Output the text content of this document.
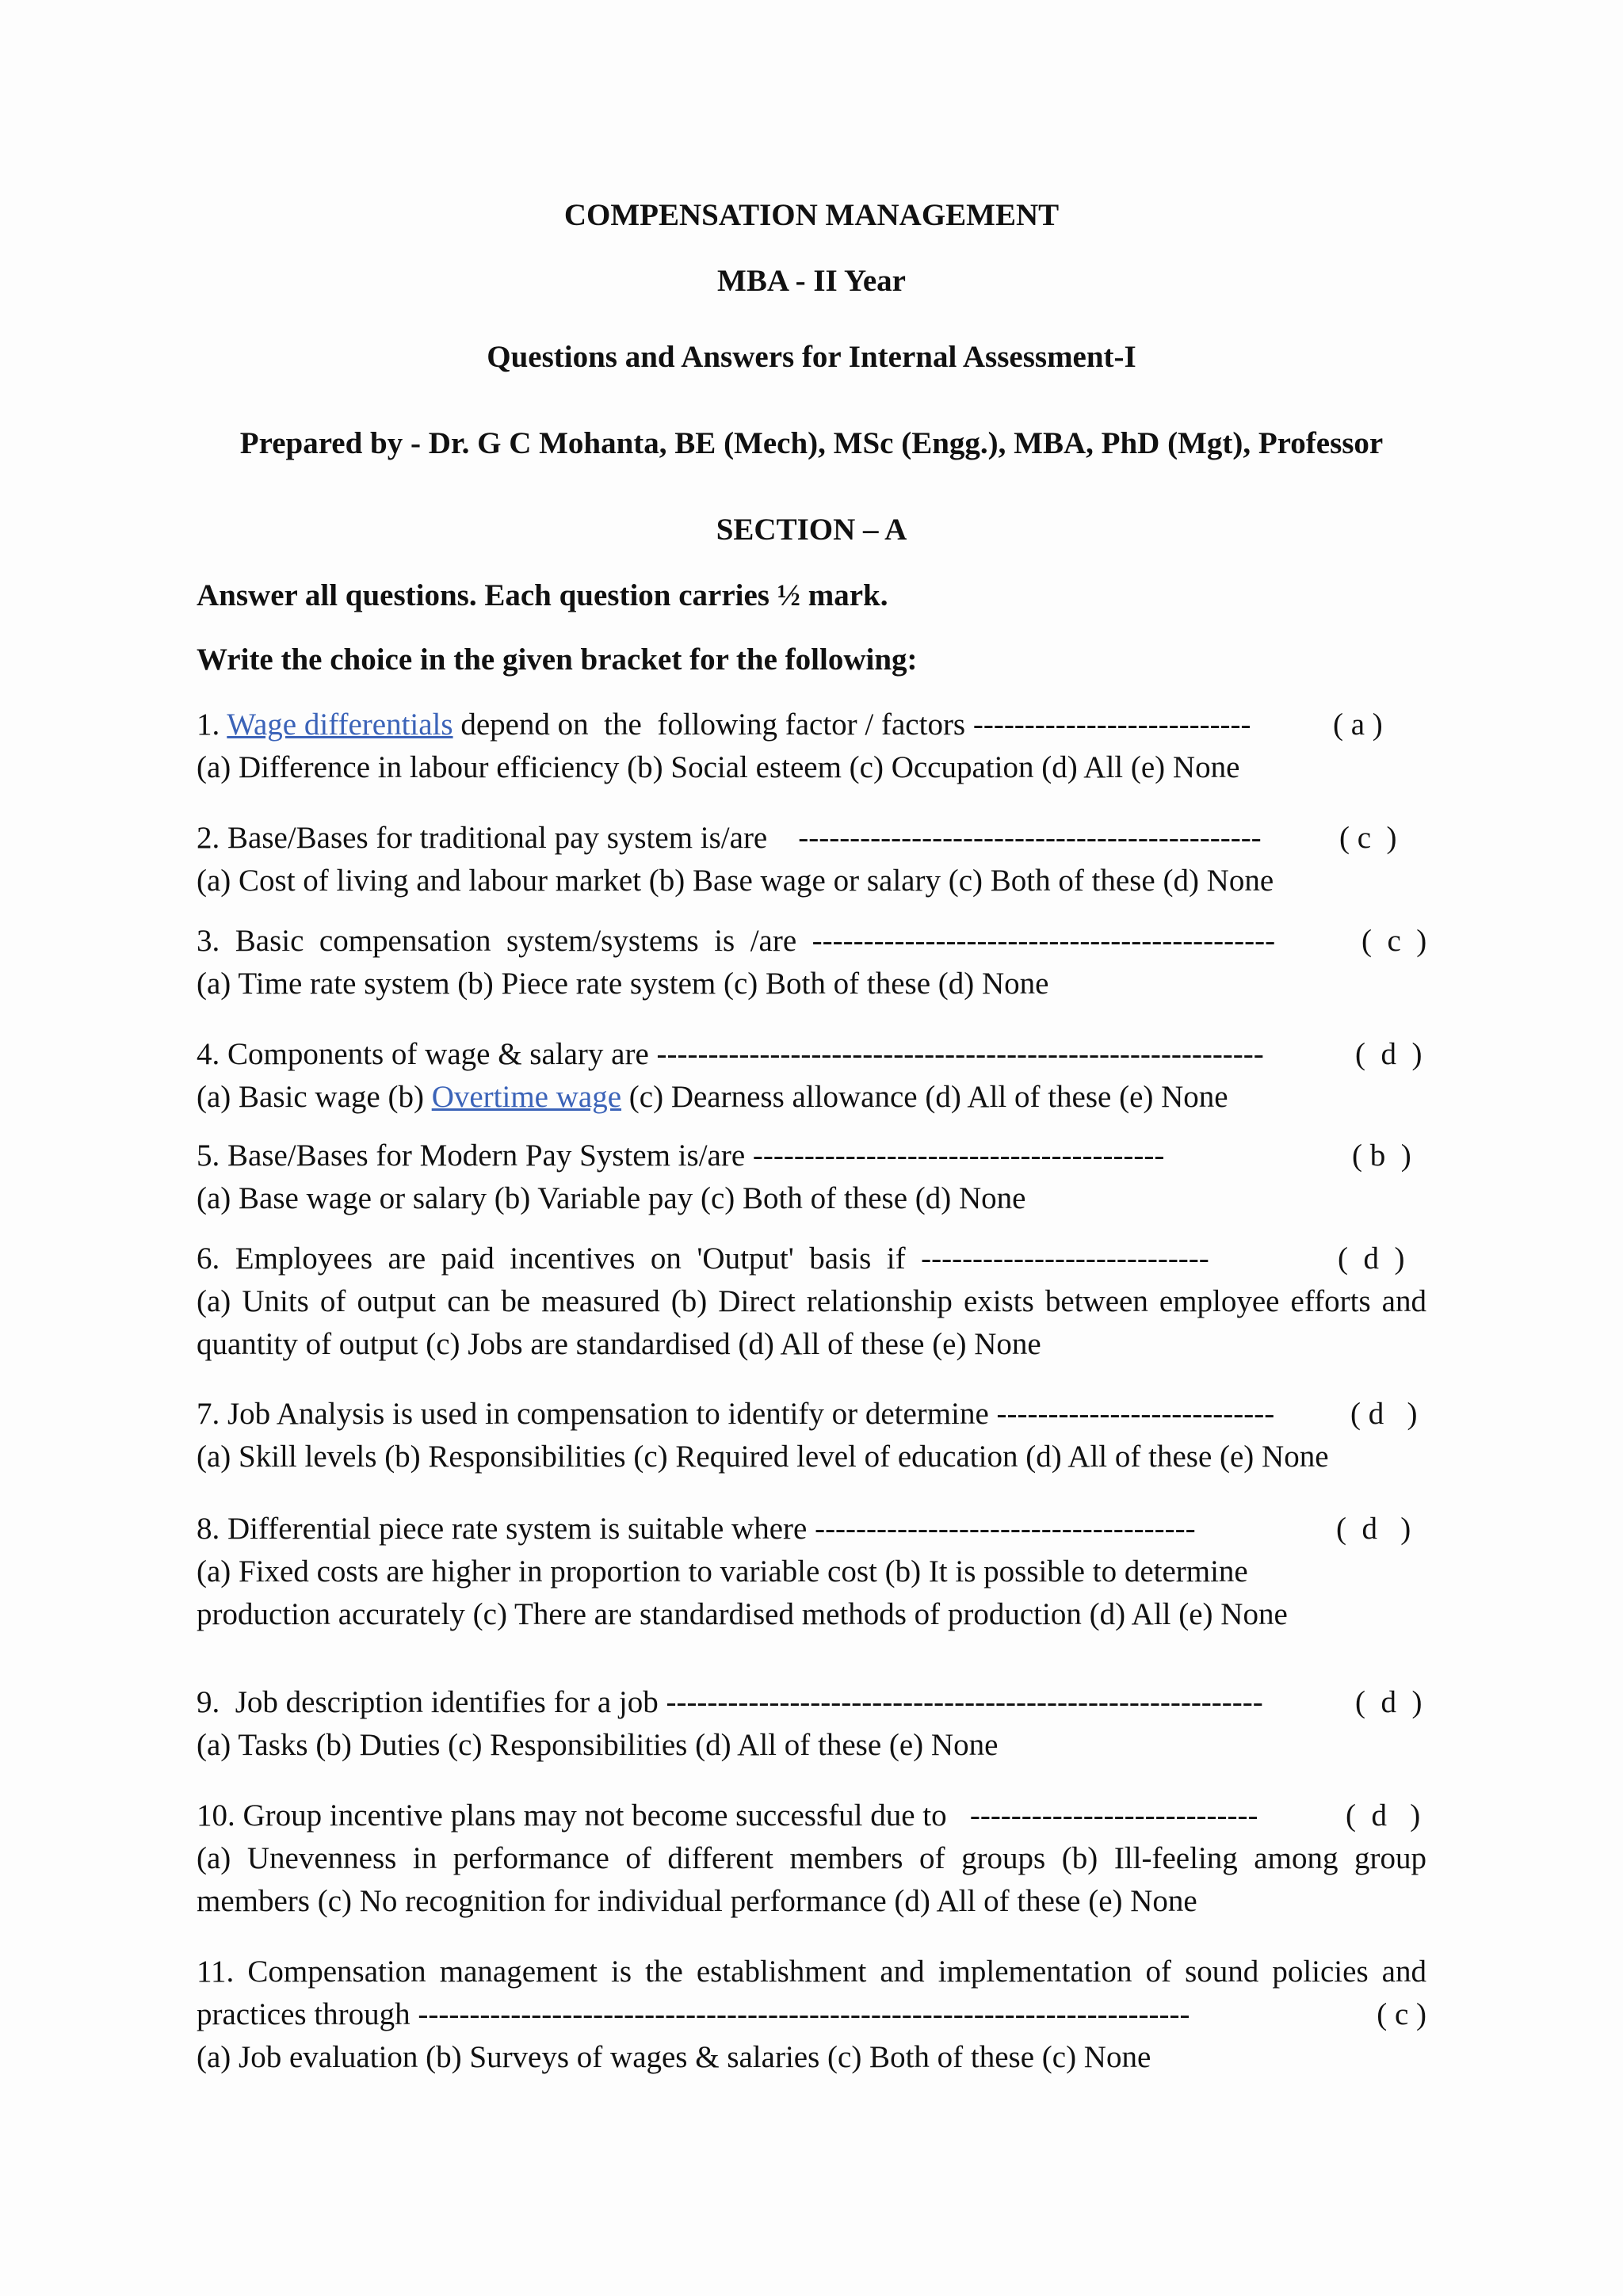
COMPENSATION MANAGEMENT
MBA - II Year
Questions and Answers for Internal Assessment-I
Prepared by - Dr. G C Mohanta, BE (Mech), MSc (Engg.), MBA, PhD (Mgt), Professor
SECTION – A
Answer all questions. Each question carries ½ mark.
Write the choice in the given bracket for the following:
1. Wage differentials depend on  the  following factor / factors ---------------------------	( a )
(a) Difference in labour efficiency (b) Social esteem (c) Occupation (d) All (e) None
2. Base/Bases for traditional pay system is/are    ---------------------------------------------	( c  )
(a) Cost of living and labour market (b) Base wage or salary (c) Both of these (d) None
3.  Basic  compensation  system/systems  is  /are  ---------------------------------------------	(  c  )
(a) Time rate system (b) Piece rate system (c) Both of these (d) None
4. Components of wage & salary are -----------------------------------------------------------	(  d  )
(a) Basic wage (b) Overtime wage (c) Dearness allowance (d) All of these (e) None
5. Base/Bases for Modern Pay System is/are ----------------------------------------	( b  )
(a) Base wage or salary (b) Variable pay (c) Both of these (d) None
6.  Employees  are  paid  incentives  on  'Output'  basis  if  ----------------------------	(  d  )
(a) Units of output can be measured (b) Direct relationship exists between employee efforts and quantity of output (c) Jobs are standardised (d) All of these (e) None
7. Job Analysis is used in compensation to identify or determine --------------------------- ( d   )
(a) Skill levels (b) Responsibilities (c) Required level of education (d) All of these (e) None
8. Differential piece rate system is suitable where -------------------------------------	(  d   )
(a) Fixed costs are higher in proportion to variable cost (b) It is possible to determine production accurately (c) There are standardised methods of production (d) All (e) None
9.  Job description identifies for a job ----------------------------------------------------------	(  d  )
(a) Tasks (b) Duties (c) Responsibilities (d) All of these (e) None
10. Group incentive plans may not become successful due to   ----------------------------	(  d   )
(a) Unevenness in performance of different members of groups (b) Ill-feeling among group members (c) No recognition for individual performance (d) All of these (e) None
11. Compensation management is the establishment and implementation of sound policies and practices through ---------------------------------------------------------------------------	( c )
(a) Job evaluation (b) Surveys of wages & salaries (c) Both of these (c) None
